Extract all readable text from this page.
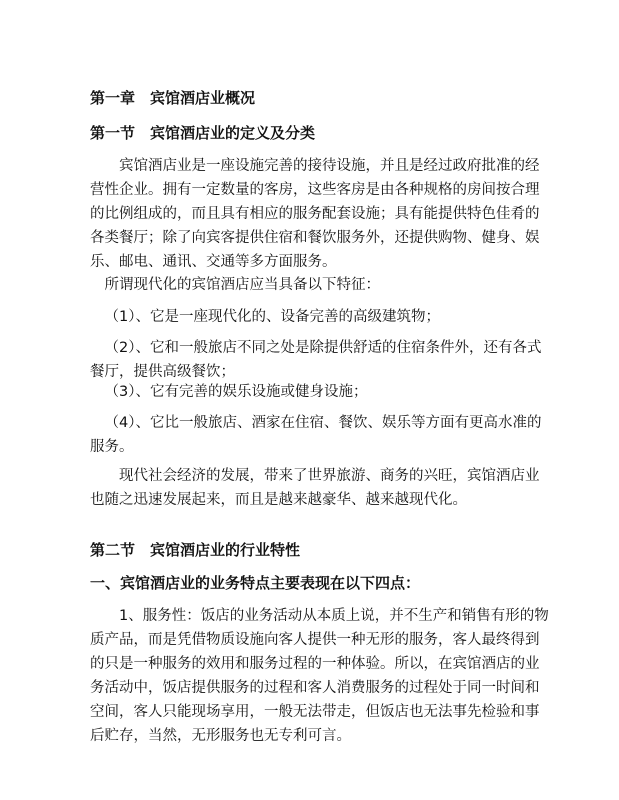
第一章　宾馆酒店业概况
第一节　宾馆酒店业的定义及分类
宾馆酒店业是一座设施完善的接待设施，并且是经过政府批准的经营性企业。拥有一定数量的客房，这些客房是由各种规格的房间按合理的比例组成的，而且具有相应的服务配套设施；具有能提供特色佳肴的各类餐厅；除了向宾客提供住宿和餐饮服务外，还提供购物、健身、娱乐、邮电、通讯、交通等多方面服务。
所谓现代化的宾馆酒店应当具备以下特征：
（1）、它是一座现代化的、设备完善的高级建筑物；
（2）、它和一般旅店不同之处是除提供舒适的住宿条件外，还有各式餐厅，提供高级餐饮；
（3）、它有完善的娱乐设施或健身设施；
（4）、它比一般旅店、酒家在住宿、餐饮、娱乐等方面有更高水准的服务。
现代社会经济的发展，带来了世界旅游、商务的兴旺，宾馆酒店业也随之迅速发展起来，而且是越来越豪华、越来越现代化。
第二节　宾馆酒店业的行业特性
一、宾馆酒店业的业务特点主要表现在以下四点：
1、服务性：饭店的业务活动从本质上说，并不生产和销售有形的物质产品，而是凭借物质设施向客人提供一种无形的服务，客人最终得到的只是一种服务的效用和服务过程的一种体验。所以，在宾馆酒店的业务活动中，饭店提供服务的过程和客人消费服务的过程处于同一时间和空间，客人只能现场享用，一般无法带走，但饭店也无法事先检验和事后贮存，当然，无形服务也无专利可言。
